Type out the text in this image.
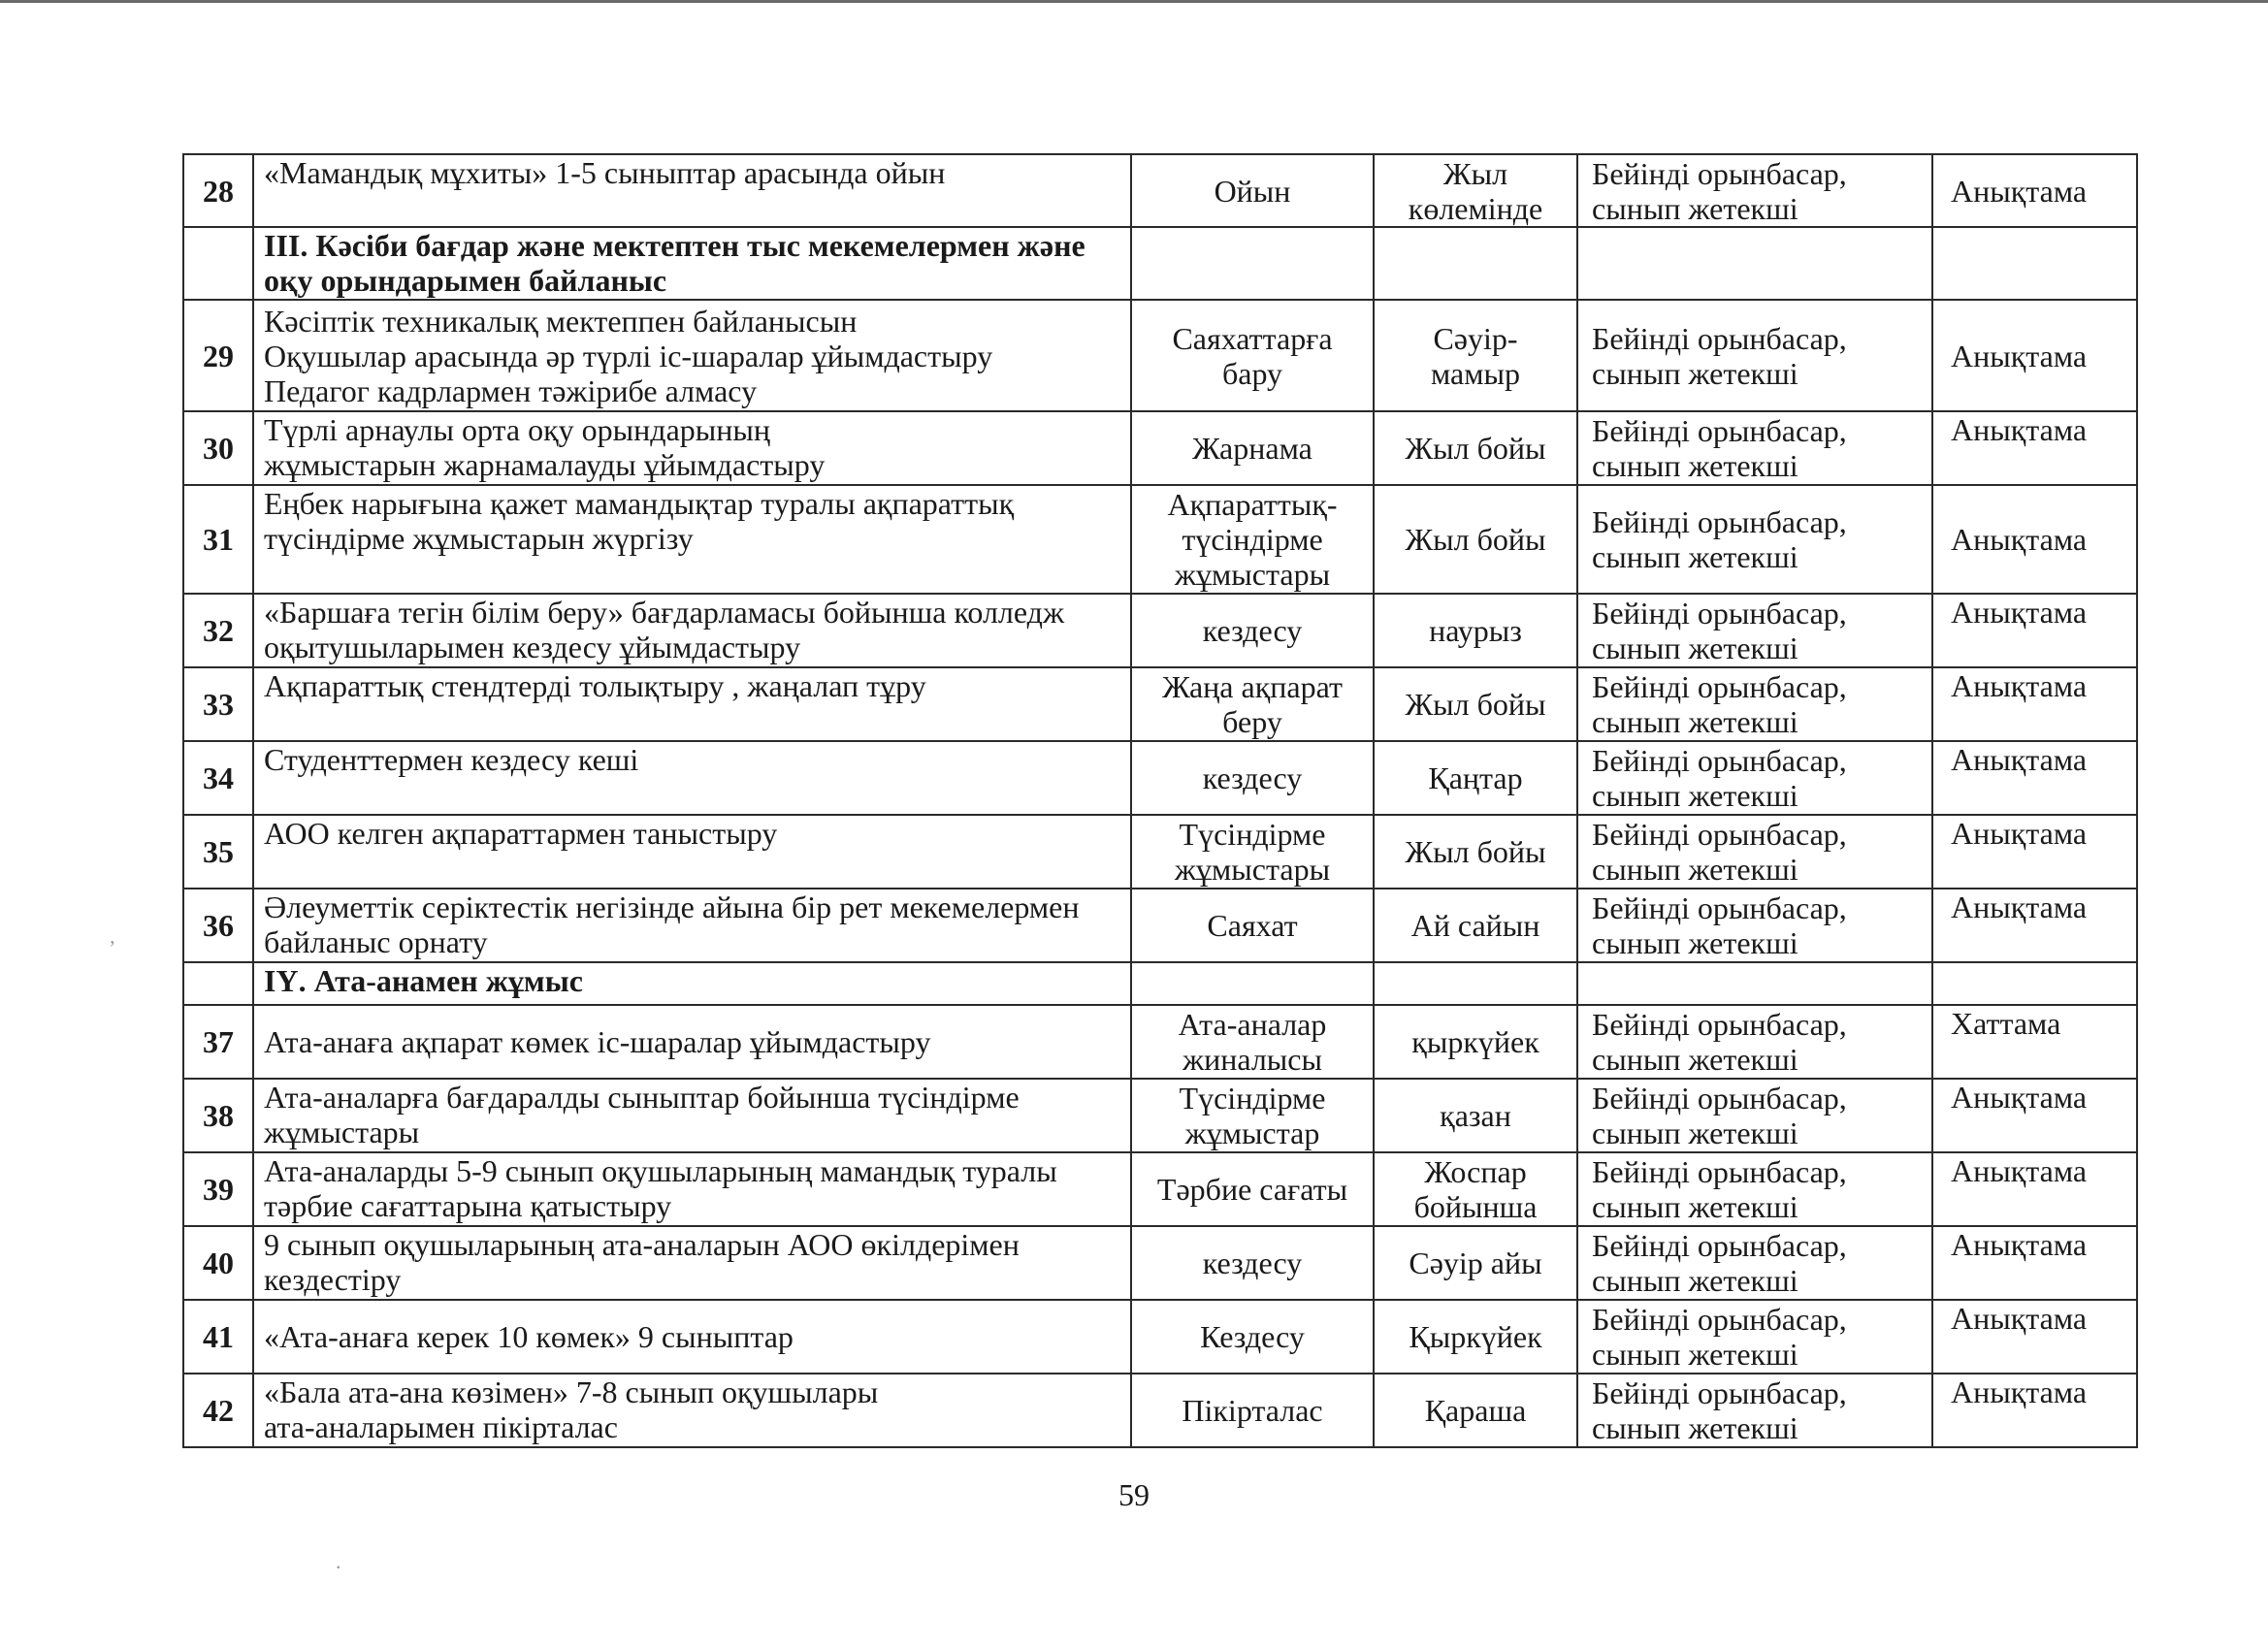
28	«Мамандық мұхиты» 1-5 сыныптар арасында ойын	Ойын	Жыл
көлемінде	Бейінді орынбасар,
сынып жетекші	Анықтама

	ІІІ. Кәсіби бағдар және мектептен тыс мекемелермен және
оқу орындарымен байланыс				

29	Кәсіптік техникалық мектеппен байланысын
Оқушылар арасында әр түрлі іс-шаралар ұйымдастыру
Педагог кадрлармен тәжірибе алмасу	Саяхаттарға
бару	Сәуір-
мамыр	Бейінді орынбасар,
сынып жетекші	Анықтама
30	Түрлі арнаулы орта оқу орындарының
жұмыстарын жарнамалауды ұйымдастыру	Жарнама	Жыл бойы	Бейінді орынбасар,
сынып жетекші	Анықтама
31	Еңбек нарығына қажет мамандықтар туралы ақпараттық
түсіндірме жұмыстарын жүргізу	Ақпараттық-
түсіндірме
жұмыстары	Жыл бойы	Бейінді орынбасар,
сынып жетекші	Анықтама
32	«Баршаға тегін білім беру» бағдарламасы бойынша колледж
оқытушыларымен кездесу ұйымдастыру	кездесу	наурыз	Бейінді орынбасар,
сынып жетекші	Анықтама
33	Ақпараттық стендтерді толықтыру , жаңалап тұру	Жаңа ақпарат
беру	Жыл бойы	Бейінді орынбасар,
сынып жетекші	Анықтама
34	Студенттермен кездесу кеші	кездесу	Қаңтар	Бейінді орынбасар,
сынып жетекші	Анықтама
35	АОО келген ақпараттармен таныстыру	Түсіндірме
жұмыстары	Жыл бойы	Бейінді орынбасар,
сынып жетекші	Анықтама
36	Әлеуметтік серіктестік негізінде айына бір рет мекемелермен
байланыс орнату	Саяхат	Ай сайын	Бейінді орынбасар,
сынып жетекші	Анықтама

	ІҮ. Ата-анамен жұмыс				

37	Ата-анаға ақпарат көмек іс-шаралар ұйымдастыру	Ата-аналар
жиналысы	қыркүйек	Бейінді орынбасар,
сынып жетекші	Хаттама
38	Ата-аналарға бағдаралды сыныптар бойынша түсіндірме
жұмыстары	Түсіндірме
жұмыстар	қазан	Бейінді орынбасар,
сынып жетекші	Анықтама
39	Ата-аналарды 5-9 сынып оқушыларының мамандық туралы
тәрбие сағаттарына қатыстыру	Тәрбие сағаты	Жоспар
бойынша	Бейінді орынбасар,
сынып жетекші	Анықтама
40	9 сынып оқушыларының ата-аналарын АОО өкілдерімен
кездестіру	кездесу	Сәуір айы	Бейінді орынбасар,
сынып жетекші	Анықтама
41	«Ата-анаға керек 10 көмек» 9 сыныптар	Кездесу	Қыркүйек	Бейінді орынбасар,
сынып жетекші	Анықтама
42	«Бала ата-ана көзімен» 7-8 сынып оқушылары
ата-аналарымен пікірталас	Пікірталас	Қараша	Бейінді орынбасар,
сынып жетекші	Анықтама
59
ʼ
.
